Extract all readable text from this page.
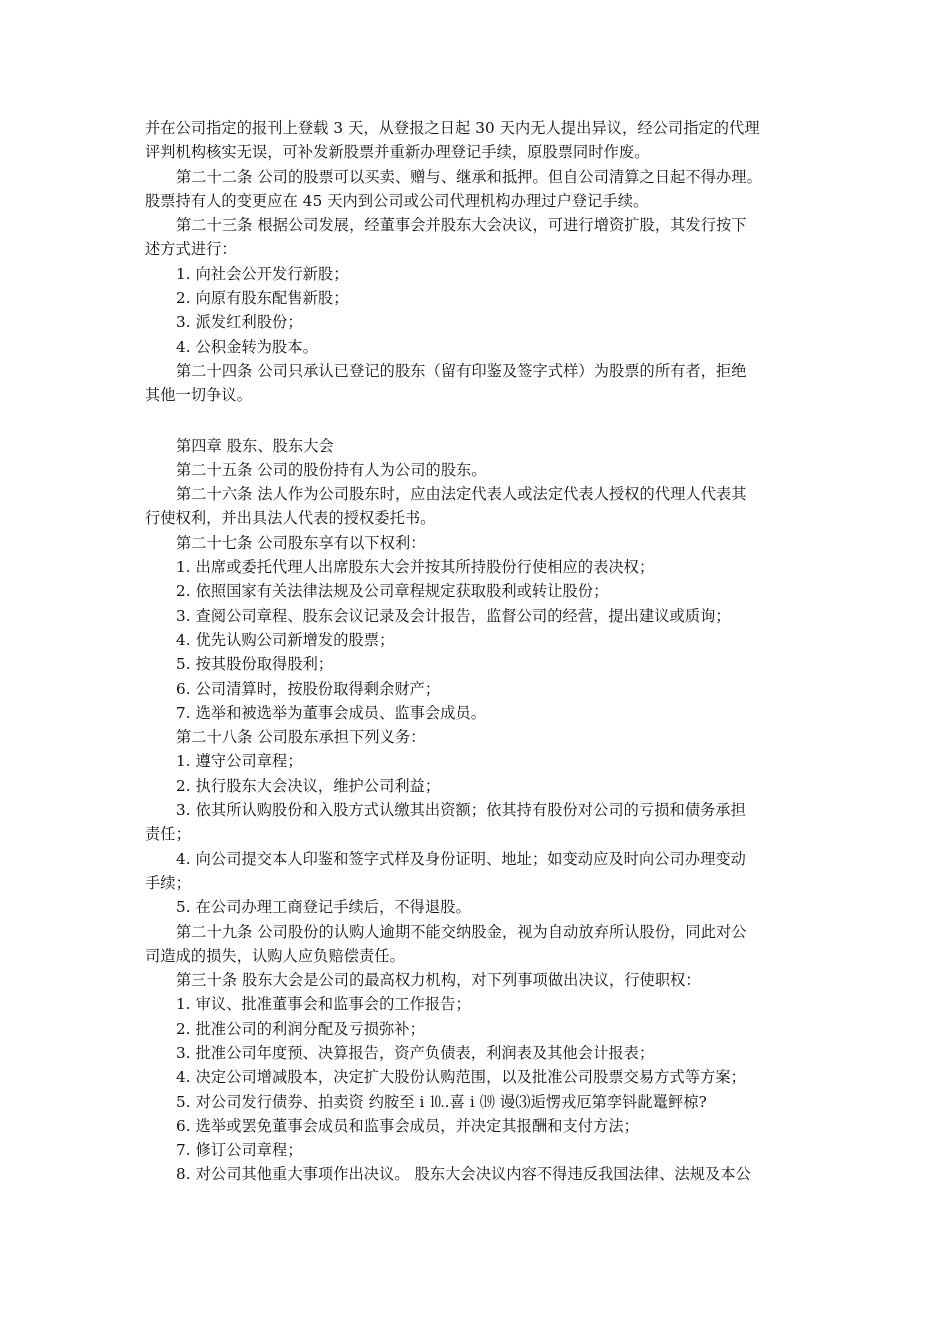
并在公司指定的报刊上登载 3 天，从登报之日起 30 天内无人提出异议，经公司指定的代理
评判机构核实无误，可补发新股票并重新办理登记手续，原股票同时作废。
第二十二条 公司的股票可以买卖、赠与、继承和抵押。但自公司清算之日起不得办理。
股票持有人的变更应在 45 天内到公司或公司代理机构办理过户登记手续。
第二十三条 根据公司发展，经董事会并股东大会决议，可进行增资扩股，其发行按下
述方式进行：
1. 向社会公开发行新股；
2. 向原有股东配售新股；
3. 派发红利股份；
4. 公积金转为股本。
第二十四条 公司只承认已登记的股东（留有印鉴及签字式样）为股票的所有者，拒绝
其他一切争议。
第四章 股东、股东大会
第二十五条 公司的股份持有人为公司的股东。
第二十六条 法人作为公司股东时，应由法定代表人或法定代表人授权的代理人代表其
行使权利，并出具法人代表的授权委托书。
第二十七条 公司股东享有以下权利：
1. 出席或委托代理人出席股东大会并按其所持股份行使相应的表决权；
2. 依照国家有关法律法规及公司章程规定获取股利或转让股份；
3. 查阅公司章程、股东会议记录及会计报告，监督公司的经营，提出建议或质询；
4. 优先认购公司新增发的股票；
5. 按其股份取得股利；
6. 公司清算时，按股份取得剩余财产；
7. 选举和被选举为董事会成员、监事会成员。
第二十八条 公司股东承担下列义务：
1. 遵守公司章程；
2. 执行股东大会决议，维护公司利益；
3. 依其所认购股份和入股方式认缴其出资额；依其持有股份对公司的亏损和债务承担
责任；
4. 向公司提交本人印鉴和签字式样及身份证明、地址；如变动应及时向公司办理变动
手续；
5. 在公司办理工商登记手续后，不得退股。
第二十九条 公司股份的认购人逾期不能交纳股金，视为自动放弃所认股份，同此对公
司造成的损失，认购人应负赔偿责任。
第三十条 股东大会是公司的最高权力机构，对下列事项做出决议，行使职权：
1. 审议、批准董事会和监事会的工作报告；
2. 批准公司的利润分配及亏损弥补；
3. 批准公司年度预、决算报告，资产负债表，利润表及其他会计报表；
4. 决定公司增减股本，决定扩大股份认购范围，以及批准公司股票交易方式等方案；
5. 对公司发行债券、拍卖资 约胺至 i ⒑.喜 i ⒆ 谩⑶逅愣戎厄第孪钭龀鼍鲆椋?
6. 选举或罢免董事会成员和监事会成员，并决定其报酬和支付方法；
7. 修订公司章程；
8. 对公司其他重大事项作出决议。 股东大会决议内容不得违反我国法律、法规及本公
